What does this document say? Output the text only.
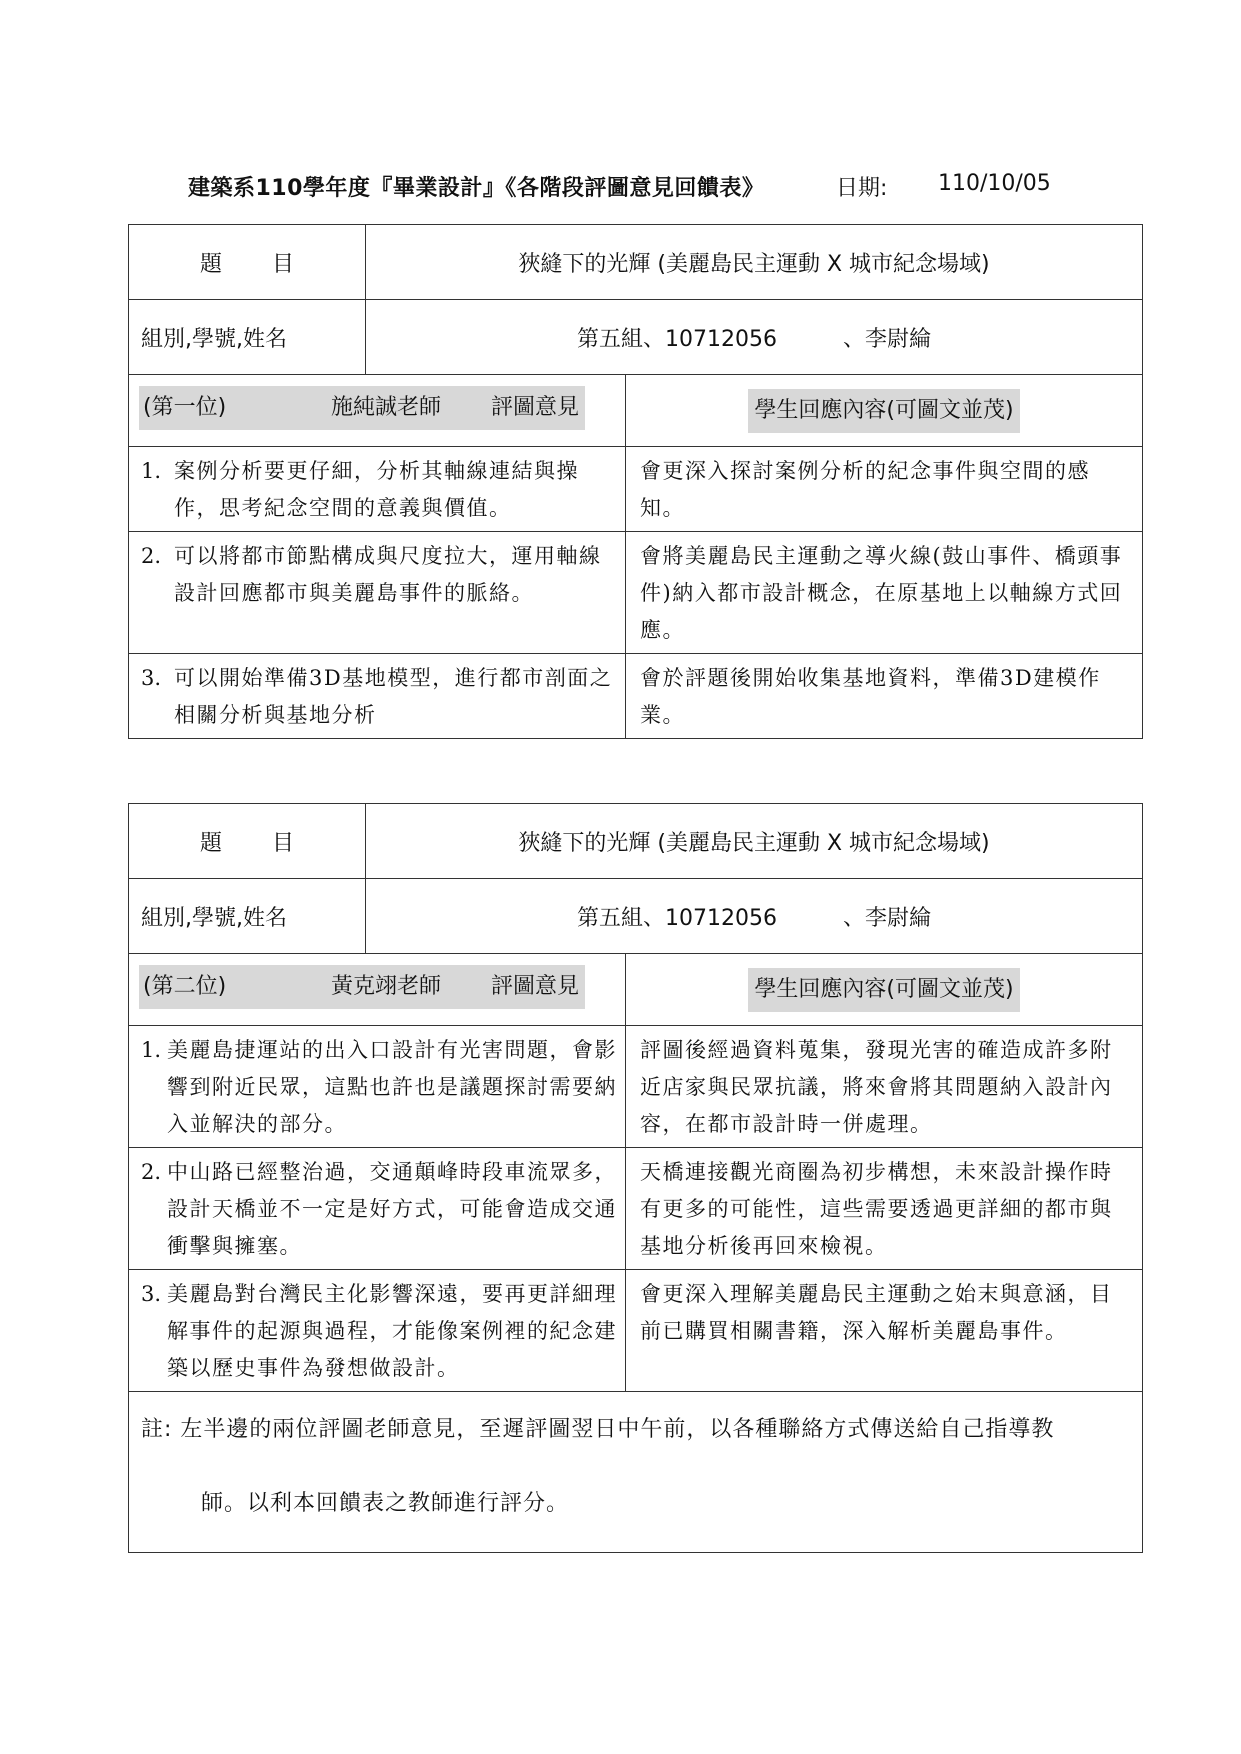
建築系110學年度『畢業設計』《各階段評圖意見回饋表》	日期: 110/10/05
題 目	狹縫下的光輝 (美麗島民主運動 X 城市紀念場域)	
組別,學號,姓名	第五組、10712056　　　、李尉綸	

(第一位) 施純誠老師 評圖意見		學生回應內容(可圖文並茂)

1. 案例分析要更仔細，分析其軸線連結與操作，思考紀念空間的意義與價值。		會更深入探討案例分析的紀念事件與空間的感知。

2. 可以將都市節點構成與尺度拉大，運用軸線設計回應都市與美麗島事件的脈絡。		會將美麗島民主運動之導火線(鼓山事件、橋頭事件)納入都市設計概念，在原基地上以軸線方式回應。

3. 可以開始準備3D基地模型，進行都市剖面之相關分析與基地分析		會於評題後開始收集基地資料，準備3D建模作業。
題 目	狹縫下的光輝 (美麗島民主運動 X 城市紀念場域)	
組別,學號,姓名	第五組、10712056　　　、李尉綸	

(第二位) 黃克翊老師 評圖意見		學生回應內容(可圖文並茂)

1. 美麗島捷運站的出入口設計有光害問題，會影響到附近民眾，這點也許也是議題探討需要納入並解決的部分。		評圖後經過資料蒐集，發現光害的確造成許多附近店家與民眾抗議，將來會將其問題納入設計內容，在都市設計時一併處理。

2. 中山路已經整治過，交通顛峰時段車流眾多，設計天橋並不一定是好方式，可能會造成交通衝擊與擁塞。		天橋連接觀光商圈為初步構想，未來設計操作時有更多的可能性，這些需要透過更詳細的都市與基地分析後再回來檢視。

3. 美麗島對台灣民主化影響深遠，要再更詳細理解事件的起源與過程，才能像案例裡的紀念建築以歷史事件為發想做設計。		會更深入理解美麗島民主運動之始末與意涵，目前已購買相關書籍，深入解析美麗島事件。

註: 左半邊的兩位評圖老師意見，至遲評圖翌日中午前，以各種聯絡方式傳送給自己指導教
師。以利本回饋表之教師進行評分。		
